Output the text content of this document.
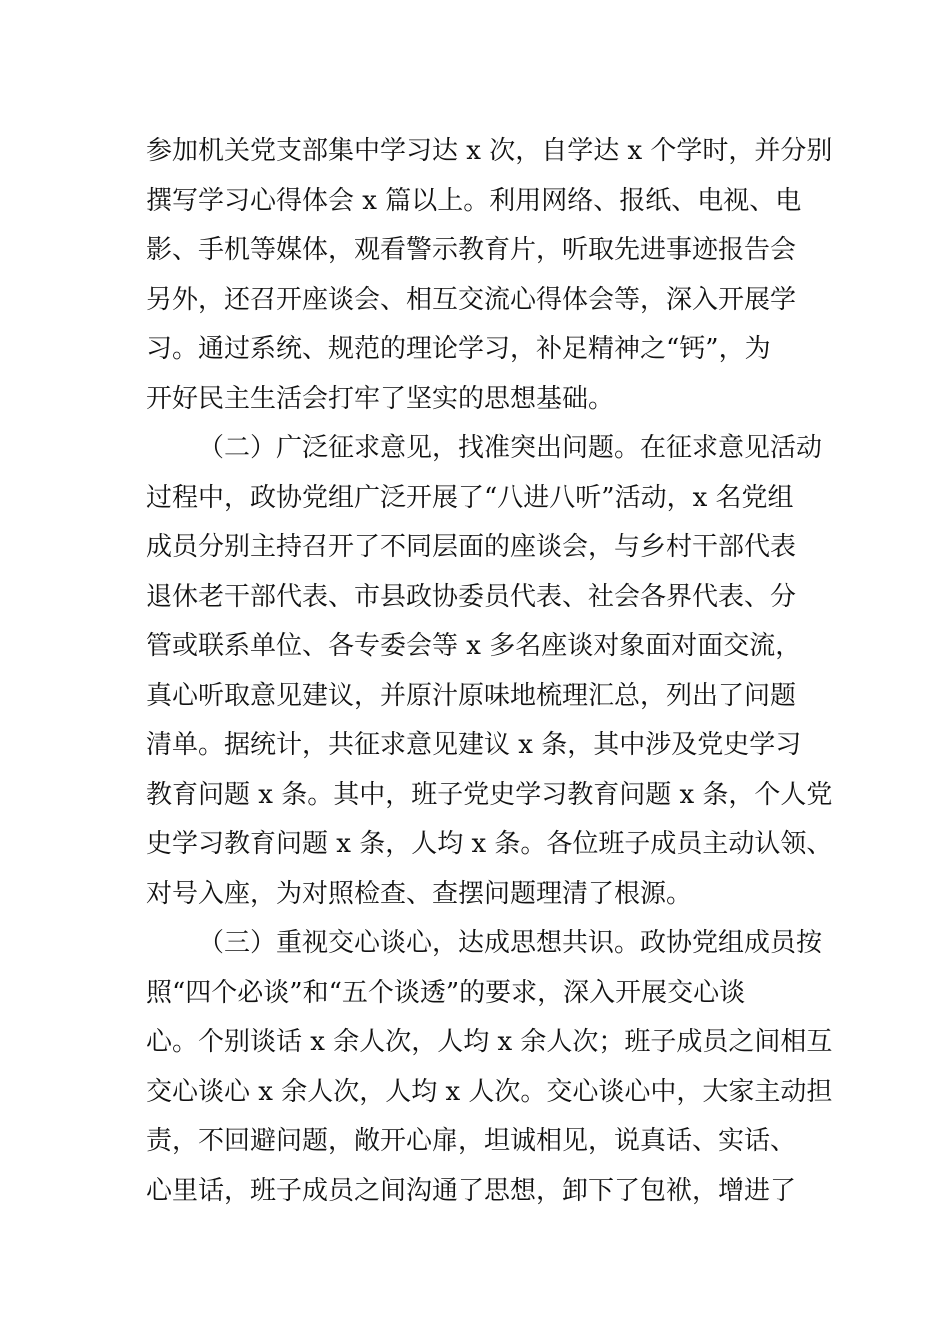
参加机关党支部集中学习达 x 次，自学达 x 个学时，并分别
撰写学习心得体会 x 篇以上。利用网络、报纸、电视、电
影、手机等媒体，观看警示教育片，听取先进事迹报告会
另外，还召开座谈会、相互交流心得体会等，深入开展学
习。通过系统、规范的理论学习，补足精神之“钙”，为
开好民主生活会打牢了坚实的思想基础。
（二）广泛征求意见，找准突出问题。在征求意见活动
过程中，政协党组广泛开展了“八进八听”活动，x 名党组
成员分别主持召开了不同层面的座谈会，与乡村干部代表
退休老干部代表、市县政协委员代表、社会各界代表、分
管或联系单位、各专委会等 x 多名座谈对象面对面交流，
真心听取意见建议，并原汁原味地梳理汇总，列出了问题
清单。据统计，共征求意见建议 x 条，其中涉及党史学习
教育问题 x 条。其中，班子党史学习教育问题 x 条，个人党
史学习教育问题 x 条，人均 x 条。各位班子成员主动认领、
对号入座，为对照检查、查摆问题理清了根源。
（三）重视交心谈心，达成思想共识。政协党组成员按
照“四个必谈”和“五个谈透”的要求，深入开展交心谈
心。个别谈话 x 余人次，人均 x 余人次；班子成员之间相互
交心谈心 x 余人次，人均 x 人次。交心谈心中，大家主动担
责，不回避问题，敞开心扉，坦诚相见，说真话、实话、
心里话，班子成员之间沟通了思想，卸下了包袱，增进了
